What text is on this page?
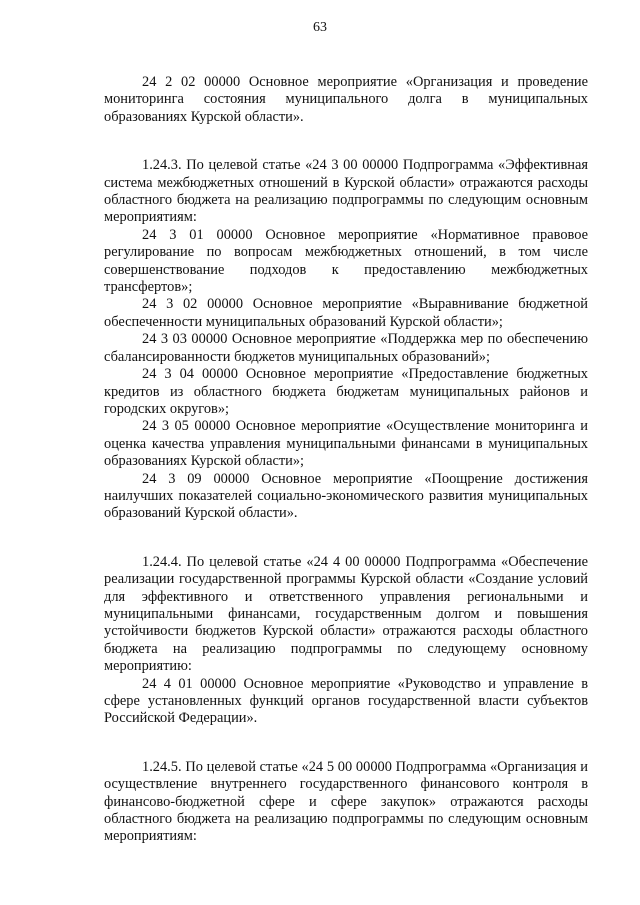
63

24 2 02 00000 Основное мероприятие «Организация и проведение мониторинга состояния муниципального долга в муниципальных образованиях Курской области».

1.24.3. По целевой статье «24 3 00 00000 Подпрограмма «Эффективная система межбюджетных отношений в Курской области» отражаются расходы областного бюджета на реализацию подпрограммы по следующим основным мероприятиям:

24 3 01 00000 Основное мероприятие «Нормативное правовое регулирование по вопросам межбюджетных отношений, в том числе совершенствование подходов к предоставлению межбюджетных трансфертов»;

24 3 02 00000 Основное мероприятие «Выравнивание бюджетной обеспеченности муниципальных образований Курской области»;

24 3 03 00000 Основное мероприятие «Поддержка мер по обеспечению сбалансированности бюджетов муниципальных образований»;

24 3 04 00000 Основное мероприятие «Предоставление бюджетных кредитов из областного бюджета бюджетам муниципальных районов и городских округов»;

24 3 05 00000 Основное мероприятие «Осуществление мониторинга и оценка качества управления муниципальными финансами в муниципальных образованиях Курской области»;

24 3 09 00000 Основное мероприятие «Поощрение достижения наилучших показателей социально-экономического развития муниципальных образований Курской области».

1.24.4. По целевой статье «24 4 00 00000 Подпрограмма «Обеспечение реализации государственной программы Курской области «Создание условий для эффективного и ответственного управления региональными и муниципальными финансами, государственным долгом и повышения устойчивости бюджетов Курской области» отражаются расходы областного бюджета на реализацию подпрограммы по следующему основному мероприятию:

24 4 01 00000 Основное мероприятие «Руководство и управление в сфере установленных функций органов государственной власти субъектов Российской Федерации».

1.24.5. По целевой статье «24 5 00 00000 Подпрограмма «Организация и осуществление внутреннего государственного финансового контроля в финансово-бюджетной сфере и сфере закупок» отражаются расходы областного бюджета на реализацию подпрограммы по следующим основным мероприятиям:
